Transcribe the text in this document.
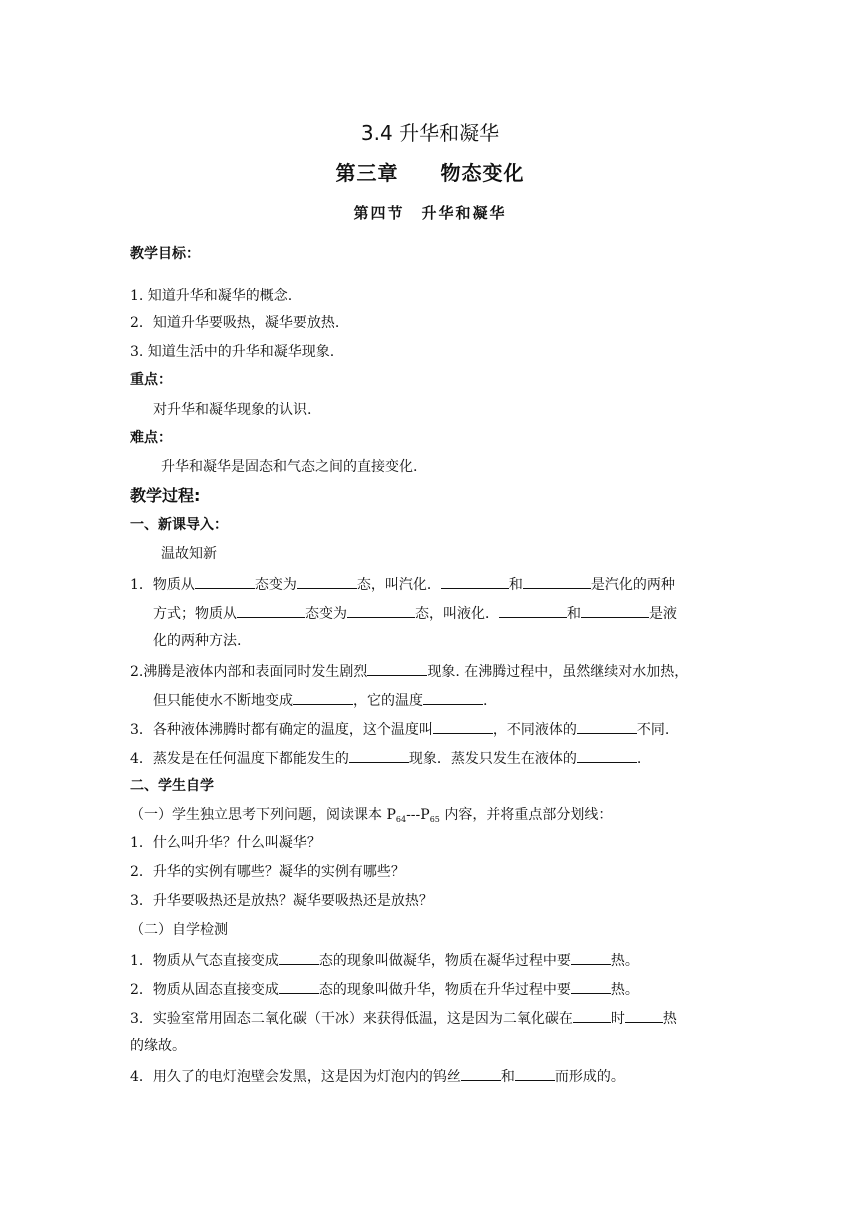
3.4 升华和凝华
第三章　　物态变化
第四节　升华和凝华
教学目标：
1. 知道升华和凝华的概念.
2．知道升华要吸热，凝华要放热.
3. 知道生活中的升华和凝华现象.
重点：
对升华和凝华现象的认识.
难点：
升华和凝华是固态和气态之间的直接变化.
教学过程:
一、新课导入：
温故知新
1．物质从	态变为	态，叫汽化．	和	是汽化的两种
方式；物质从	态变为	态，叫液化．	和	是液
化的两种方法.
2.沸腾是液体内部和表面同时发生剧烈	现象. 在沸腾过程中，虽然继续对水加热，
但只能使水不断地变成	，它的温度	.
3．各种液体沸腾时都有确定的温度，这个温度叫	，不同液体的	不同.
4．蒸发是在任何温度下都能发生的	现象．蒸发只发生在液体的	.
二、学生自学
（一）学生独立思考下列问题，阅读课本 $P_{64}---P_{65}$ 内容，并将重点部分划线：
1．什么叫升华？什么叫凝华？
2．升华的实例有哪些？凝华的实例有哪些？
3．升华要吸热还是放热？凝华要吸热还是放热？
（二）自学检测
1．物质从气态直接变成	态的现象叫做凝华，物质在凝华过程中要	热。
2．物质从固态直接变成	态的现象叫做升华，物质在升华过程中要	热。
3．实验室常用固态二氧化碳（干冰）来获得低温，这是因为二氧化碳在	时	热
的缘故。
4．用久了的电灯泡壁会发黑，这是因为灯泡内的钨丝	和	而形成的。
